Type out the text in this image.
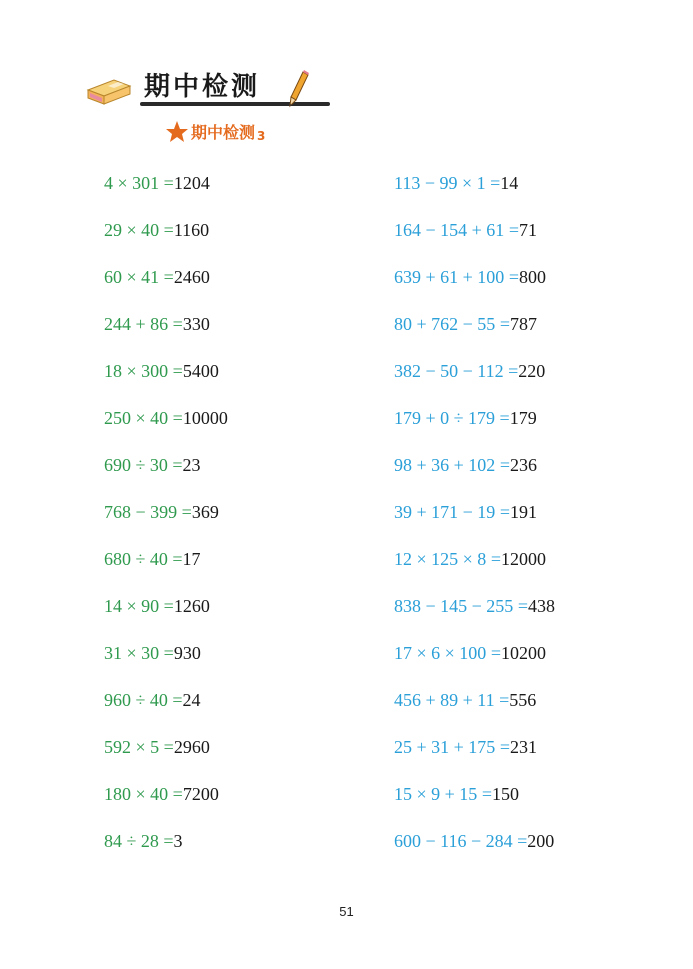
期中检测
期中检测 3
4 × 301 =1204
29 × 40 =1160
60 × 41 =2460
244 + 86 =330
18 × 300 =5400
250 × 40 =10000
690 ÷ 30 =23
768 − 399 =369
680 ÷ 40 =17
14 × 90 =1260
31 × 30 =930
960 ÷ 40 =24
592 × 5 =2960
180 × 40 =7200
84 ÷ 28 =3
113 − 99 × 1 =14
164 − 154 + 61 =71
639 + 61 + 100 =800
80 + 762 − 55 =787
382 − 50 − 112 =220
179 + 0 ÷ 179 =179
98 + 36 + 102 =236
39 + 171 − 19 =191
12 × 125 × 8 =12000
838 − 145 − 255 =438
17 × 6 × 100 =10200
456 + 89 + 11 =556
25 + 31 + 175 =231
15 × 9 + 15 =150
600 − 116 − 284 =200
51
